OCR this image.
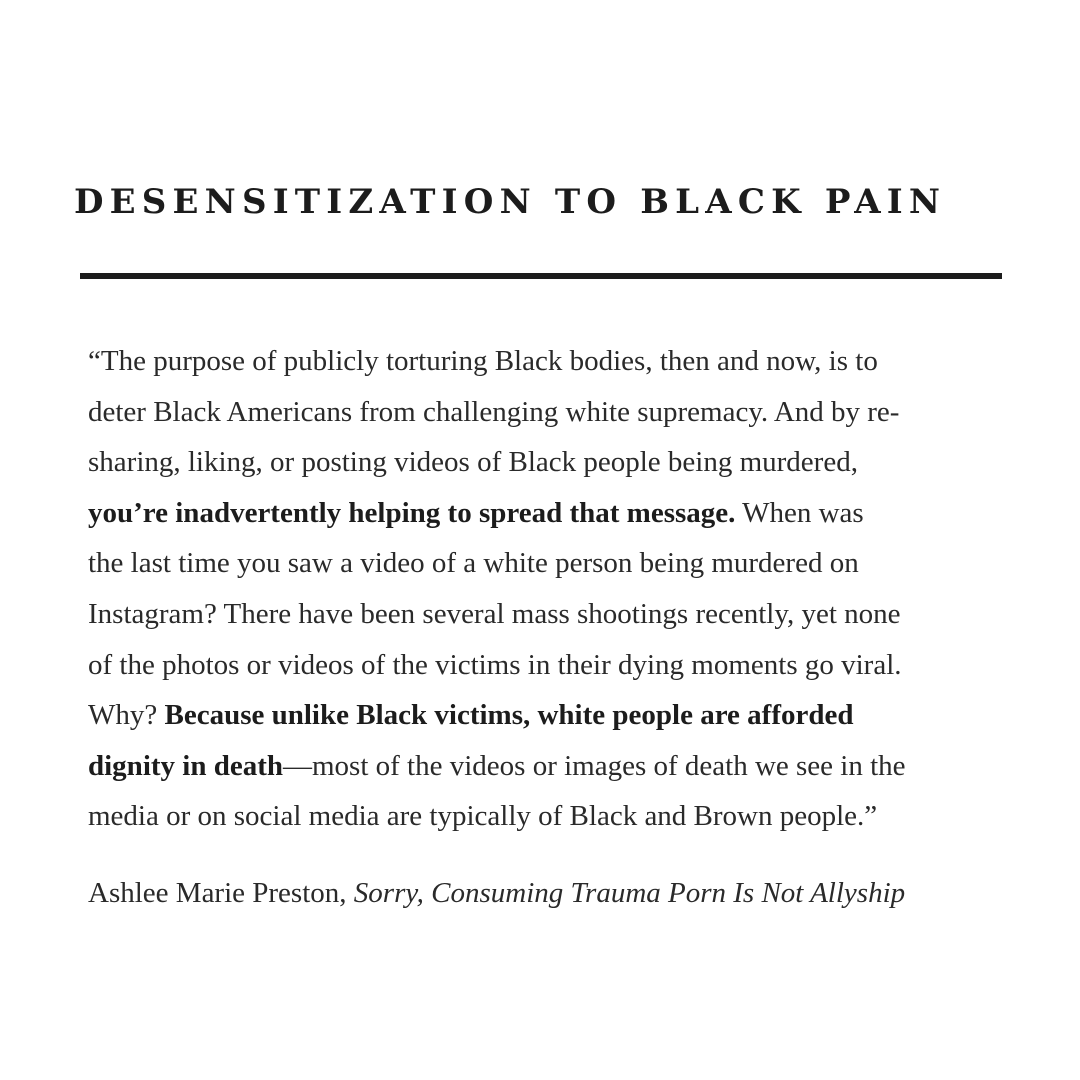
DESENSITIZATION TO BLACK PAIN

“The purpose of publicly torturing Black bodies, then and now, is to
deter Black Americans from challenging white supremacy. And by re-
sharing, liking, or posting videos of Black people being murdered,
you’re inadvertently helping to spread that message. When was
the last time you saw a video of a white person being murdered on
Instagram? There have been several mass shootings recently, yet none
of the photos or videos of the victims in their dying moments go viral.
Why? Because unlike Black victims, white people are afforded
dignity in death—most of the videos or images of death we see in the
media or on social media are typically of Black and Brown people.”

Ashlee Marie Preston, Sorry, Consuming Trauma Porn Is Not Allyship
